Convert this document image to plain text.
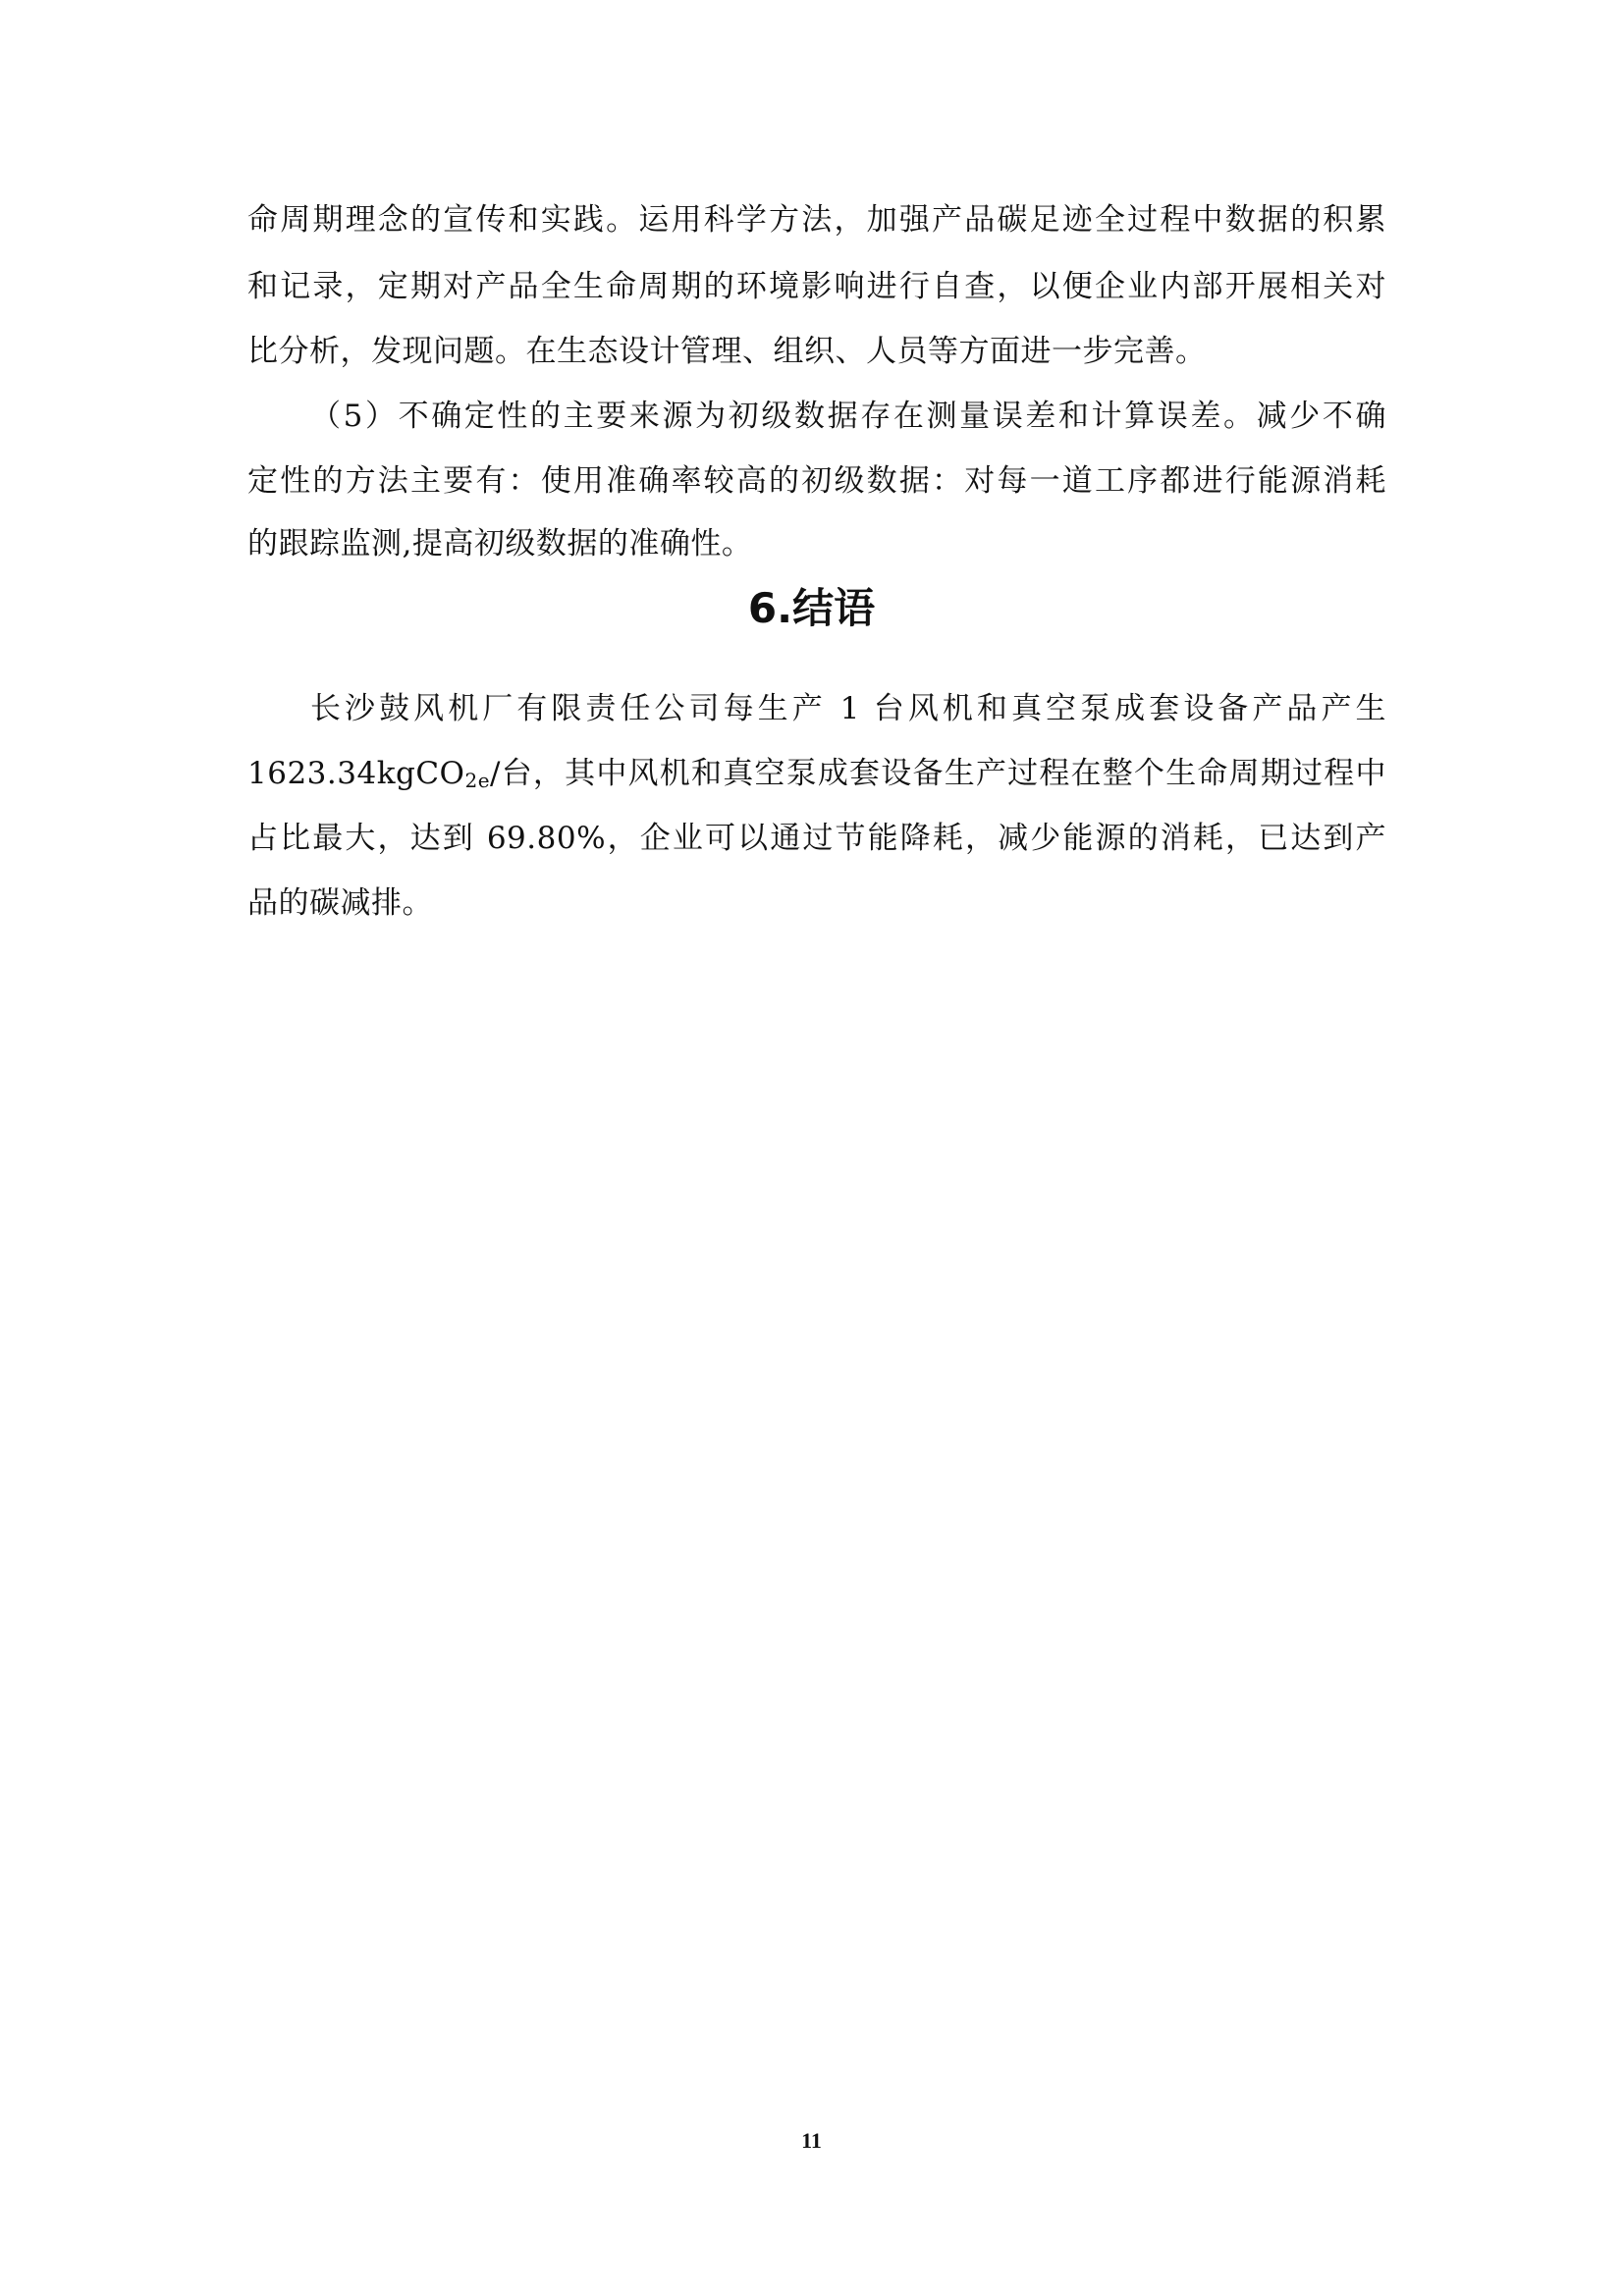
命周期理念的宣传和实践。运用科学方法，加强产品碳足迹全过程中数据的积累
和记录，定期对产品全生命周期的环境影响进行自查，以便企业内部开展相关对
比分析，发现问题。在生态设计管理、组织、人员等方面进一步完善。
（5）不确定性的主要来源为初级数据存在测量误差和计算误差。减少不确
定性的方法主要有：使用准确率较高的初级数据：对每一道工序都进行能源消耗
的跟踪监测,提高初级数据的准确性。
6.结语
长沙鼓风机厂有限责任公司每生产 1 台风机和真空泵成套设备产品产生
1623.34kgCO$_{2e}$/台，其中风机和真空泵成套设备生产过程在整个生命周期过程中
占比最大，达到 69.80%，企业可以通过节能降耗，减少能源的消耗，已达到产
品的碳减排。
11
